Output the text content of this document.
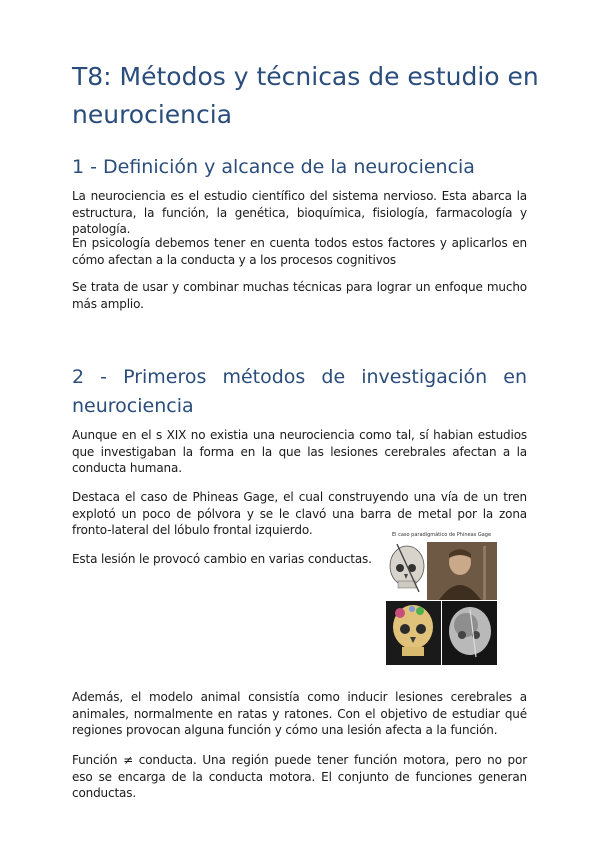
T8: Métodos y técnicas de estudio en neurociencia
1 - Definición y alcance de la neurociencia

La neurociencia es el estudio científico del sistema nervioso. Esta abarca la estructura, la función, la genética, bioquímica, fisiología, farmacología y patología.

En psicología debemos tener en cuenta todos estos factores y aplicarlos en cómo afectan a la conducta y a los procesos cognitivos

Se trata de usar y combinar muchas técnicas para lograr un enfoque mucho más amplio.

2 - Primeros métodos de investigación en
neurociencia

Aunque en el s XIX no existia una neurociencia como tal, sí habian estudios que investigaban la forma en la que las lesiones cerebrales afectan a la conducta humana.

Destaca el caso de Phineas Gage, el cual construyendo una vía de un tren explotó un poco de pólvora y se le clavó una barra de metal por la zona fronto-lateral del lóbulo frontal izquierdo.

Esta lesión le provocó cambio en varias conductas.

El caso paradigmático de Phineas Gage

Además, el modelo animal consistía como inducir lesiones cerebrales a animales, normalmente en ratas y ratones. Con el objetivo de estudiar qué regiones provocan alguna función y cómo una lesión afecta a la función.

Función ≠ conducta. Una región puede tener función motora, pero no por eso se encarga de la conducta motora. El conjunto de funciones generan conductas.
